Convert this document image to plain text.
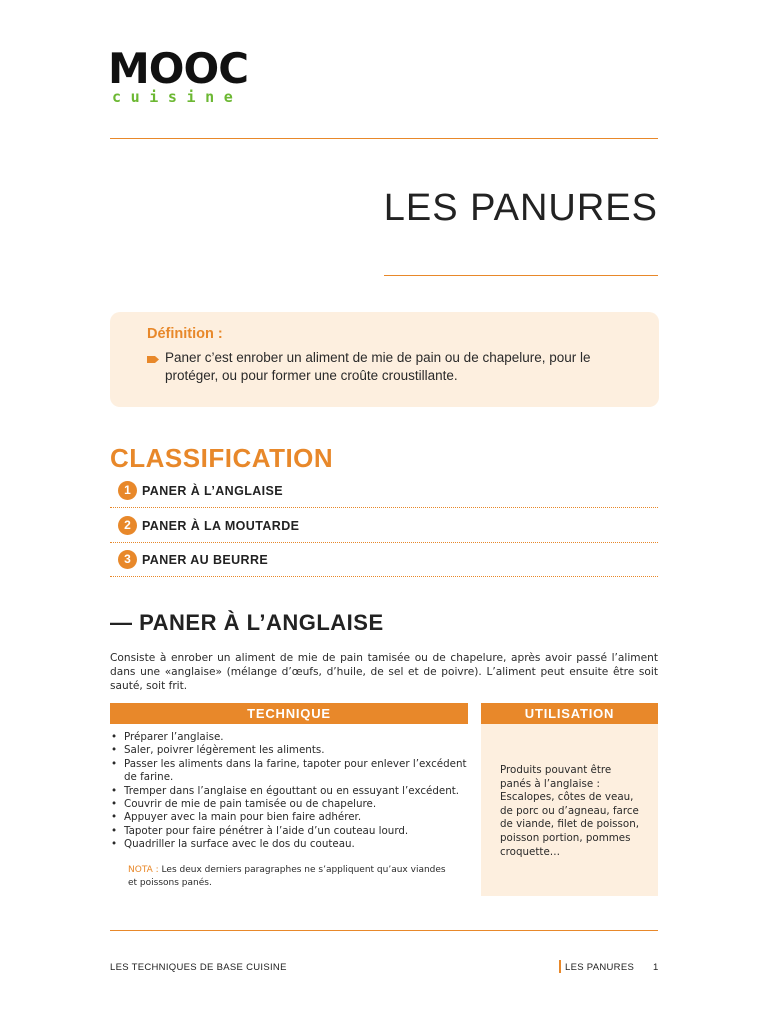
MOOC
cuisine
LES PANURES
Définition :

Paner c’est enrober un aliment de mie de pain ou de chapelure, pour le protéger, ou pour former une croûte croustillante.

CLASSIFICATION
1 PANER À L’ANGLAISE
2 PANER À LA MOUTARDE
3 PANER AU BEURRE
— PANER À L’ANGLAISE

Consiste à enrober un aliment de mie de pain tamisée ou de chapelure, après avoir passé l’aliment dans une «anglaise» (mélange d’œufs, d’huile, de sel et de poivre). L’aliment peut ensuite être soit sauté, soit frit.

TECHNIQUE	UTILISATION
• Préparer l’anglaise.
• Saler, poivrer légèrement les aliments.
• Passer les aliments dans la farine, tapoter pour enlever l’excédent de farine.
• Tremper dans l’anglaise en égouttant ou en essuyant l’excédent.
• Couvrir de mie de pain tamisée ou de chapelure.
• Appuyer avec la main pour bien faire adhérer.
• Tapoter pour faire pénétrer à l’aide d’un couteau lourd.
• Quadriller la surface avec le dos du couteau.

NOTA : Les deux derniers paragraphes ne s’appliquent qu’aux viandes et poissons panés.

Produits pouvant être panés à l’anglaise : Escalopes, côtes de veau, de porc ou d’agneau, farce de viande, filet de poisson, poisson portion, pommes croquette…

LES TECHNIQUES DE BASE CUISINE	LES PANURES 1
